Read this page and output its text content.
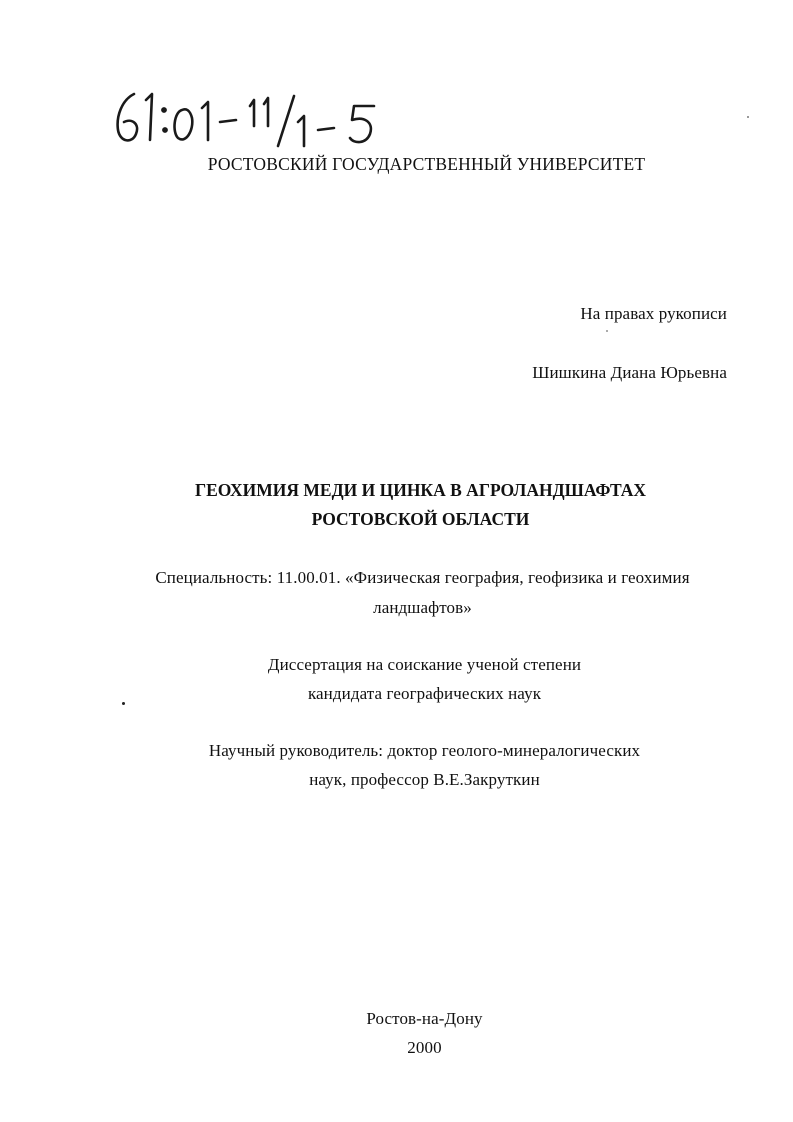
РОСТОВСКИЙ ГОСУДАРСТВЕННЫЙ УНИВЕРСИТЕТ
На правах рукописи
Шишкина Диана Юрьевна
ГЕОХИМИЯ МЕДИ И ЦИНКА В АГРОЛАНДШАФТАХ
РОСТОВСКОЙ ОБЛАСТИ
Специальность: 11.00.01. «Физическая география, геофизика и геохимия
ландшафтов»
Диссертация на соискание ученой степени
кандидата географических наук
Научный руководитель: доктор геолого-минералогических
наук, профессор В.Е.Закруткин
Ростов-на-Дону
2000
